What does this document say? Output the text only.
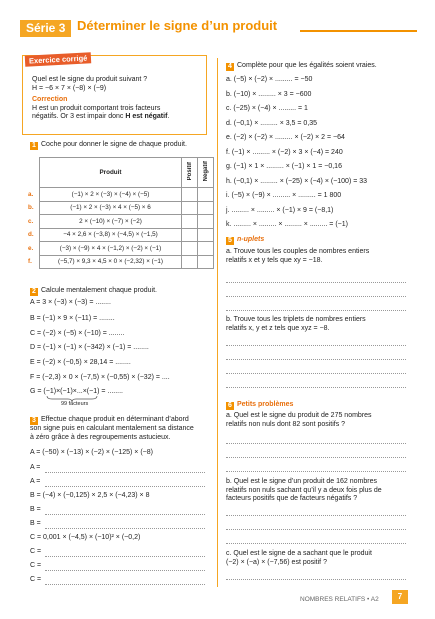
Série 3 Déterminer le signe d’un produit
Exercice corrigé
Quel est le signe du produit suivant ?
H = −6 × 7 × (−8) × (−9)
Correction
H est un produit comportant trois facteurs
négatifs. Or 3 est impair donc H est négatif.
1 Coche pour donner le signe de chaque produit.
	Produit	Positif	Négatif
a.	(−1) × 2 × (−3) × (−4) × (−5)		
b.	(−1) × 2 × (−3) × 4 × (−5) × 6		
c.	2 × (−10) × (−7) × (−2)		
d.	−4 × 2,6 × (−3,8) × (−4,5) × (−1,5)		
e.	(−3) × (−9) × 4 × (−1,2) × (−2) × (−1)		
f.	(−5,7) × 9,3 × 4,5 × 0 × (−2,32) × (−1)		
2 Calcule mentalement chaque produit.
A = 3 × (−3) × (−3) = ........
B = (−1) × 9 × (−11) = ........
C = (−2) × (−5) × (−10) = ........
D = (−1) × (−1) × (−342) × (−1) = ........
E = (−2) × (−0,5) × 28,14 = ........
F = (−2,3) × 0 × (−7,5) × (−0,55) × (−32) = ....
G = (−1)×(−1)×...×(−1) = ........
99 facteurs
3 Effectue chaque produit en déterminant d’abord
son signe puis en calculant mentalement sa distance
à zéro grâce à des regroupements astucieux.
A = (−50) × (−13) × (−2) × (−125) × (−8)
A =
A =
B = (−4) × (−0,125) × 2,5 × (−4,23) × 8
B =
B =
C = 0,001 × (−4,5) × (−10)² × (−0,2)
C =
C =
C =
4 Complète pour que les égalités soient vraies.
a. (−5) × (−2) × ......... = −50
b. (−10) × ......... × 3 = −600
c. (−25) × (−4) × ......... = 1
d. (−0,1) × ......... × 3,5 = 0,35
e. (−2) × (−2) × ......... × (−2) × 2 = −64
f. (−1) × ......... × (−2) × 3 × (−4) = 240
g. (−1) × 1 × ......... × (−1) × 1 = −0,16
h. (−0,1) × ......... × (−25) × (−4) × (−100) = 33
i. (−5) × (−9) × ......... × ......... = 1 800
j. ......... × ......... × (−1) × 9 = (−8,1)
k. ......... × ......... × ......... × ......... = (−1)
5 n-uplets
a. Trouve tous les couples de nombres entiers
relatifs x et y tels que xy = −18.
b. Trouve tous les triplets de nombres entiers
relatifs x, y et z tels que xyz = −8.
6 Petits problèmes
a. Quel est le signe du produit de 275 nombres
relatifs non nuls dont 82 sont positifs ?
b. Quel est le signe d’un produit de 162 nombres
relatifs non nuls sachant qu’il y a deux fois plus de
facteurs positifs que de facteurs négatifs ?
c. Quel est le signe de a sachant que le produit
(−2) × (−a) × (−7,56) est positif ?
NOMBRES RELATIFS • A2	7
